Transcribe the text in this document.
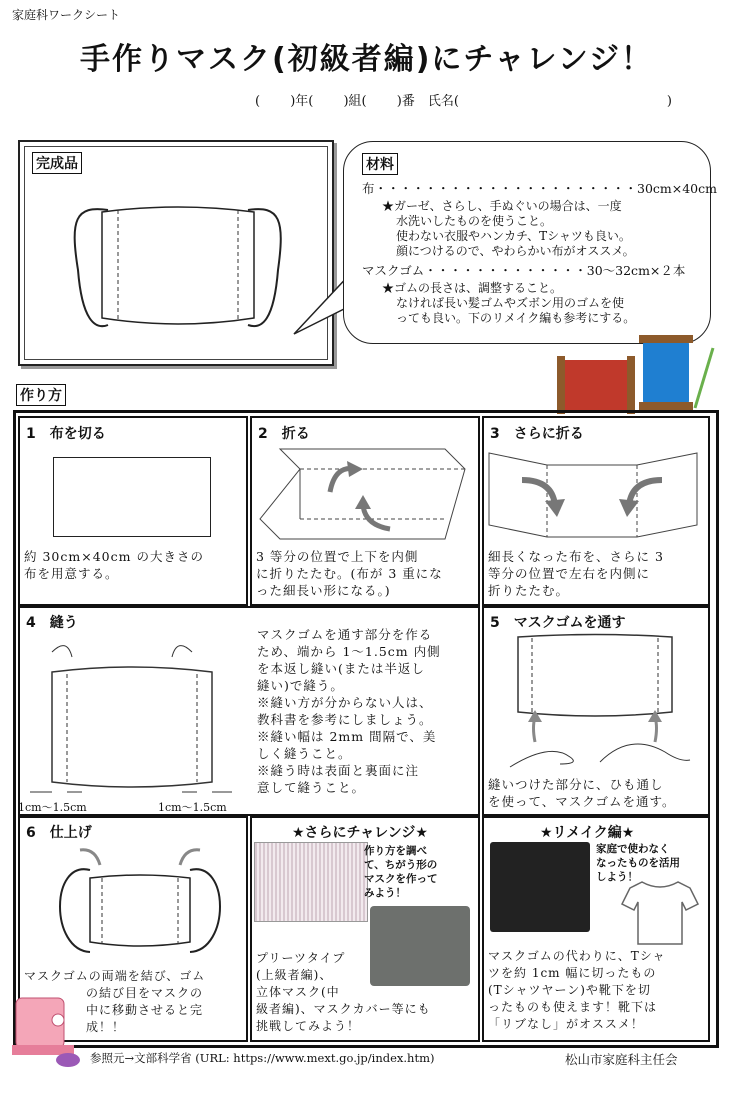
家庭科ワークシート
手作りマスク(初級者編)にチャレンジ！
(　　 )年(　　 )組(　　 )番　氏名(　　　　　　　　　　　　　　　　)
完成品	材料
布・・・・・・・・・・・・・・・・・・・・・30cm×40cm
★ガーゼ、さらし、手ぬぐいの場合は、一度
水洗いしたものを使うこと。
使わない衣服やハンカチ、Tシャツも良い。
顔につけるので、やわらかい布がオススメ。
マスクゴム・・・・・・・・・・・・・30〜32cm×２本
★ゴムの長さは、調整すること。
なければ長い髪ゴムやズボン用のゴムを使
っても良い。下のリメイク編も参考にする。
作り方
1　布を切る
約 30cm×40cm の大きさの
布を用意する。
2　折る
3 等分の位置で上下を内側
に折りたたむ。(布が 3 重にな
った細長い形になる。)
3　さらに折る
細長くなった布を、さらに 3
等分の位置で左右を内側に
折りたたむ。
4　縫う
1cm〜1.5cm	1cm〜1.5cm
マスクゴムを通す部分を作る
ため、端から 1〜1.5cm 内側
を本返し縫い(または半返し
縫い)で縫う。
※縫い方が分からない人は、
教科書を参考にしましょう。
※縫い幅は 2mm 間隔で、美
しく縫うこと。
※縫う時は表面と裏面に注
意して縫うこと。
5　マスクゴムを通す
縫いつけた部分に、ひも通し
を使って、マスクゴムを通す。
6　仕上げ
マスクゴムの両端を結び、ゴム
の結び目をマスクの
中に移動させると完
成！！
★さらにチャレンジ★
作り方を調べ
て、ちがう形の
マスクを作って
みよう！
プリーツタイプ
(上級者編)、
立体マスク(中
級者編)、マスクカバー等にも
挑戦してみよう！
★リメイク編★
家庭で使わなく
なったものを活用
しよう！
マスクゴムの代わりに、Tシャ
ツを約 1cm 幅に切ったもの
(Tシャツヤーン)や靴下を切
ったものも使えます！靴下は
「リブなし」がオススメ！
参照元→文部科学省 (URL: https://www.mext.go.jp/index.htm)	松山市家庭科主任会
